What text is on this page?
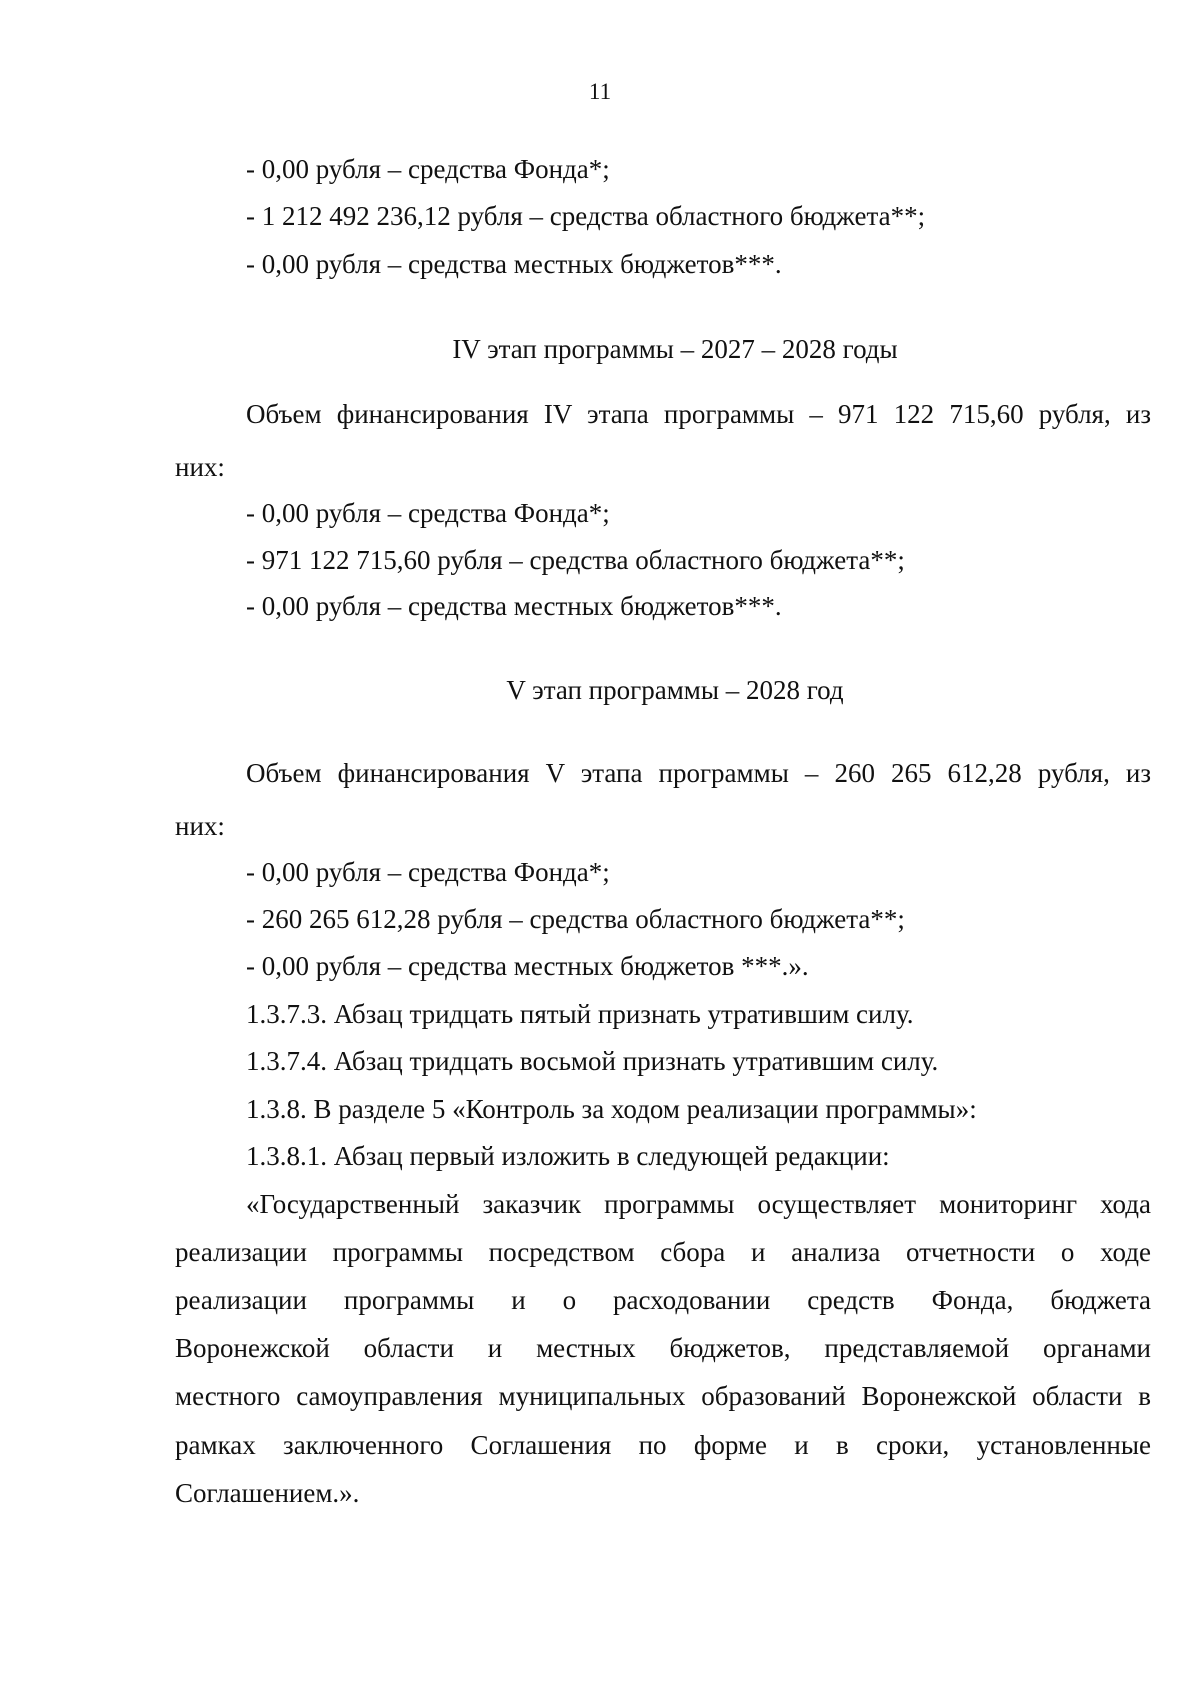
11
- 0,00 рубля – средства Фонда*;
- 1 212 492 236,12 рубля – средства областного бюджета**;
- 0,00 рубля – средства местных бюджетов***.
IV этап программы – 2027 – 2028 годы
Объем финансирования IV этапа программы – 971 122 715,60 рубля, из
них:
- 0,00 рубля – средства Фонда*;
- 971 122 715,60 рубля – средства областного бюджета**;
- 0,00 рубля – средства местных бюджетов***.
V этап программы – 2028 год
Объем финансирования V этапа программы – 260 265 612,28 рубля, из
них:
- 0,00 рубля – средства Фонда*;
- 260 265 612,28 рубля – средства областного бюджета**;
- 0,00 рубля – средства местных бюджетов ***.».
1.3.7.3. Абзац тридцать пятый признать утратившим силу.
1.3.7.4. Абзац тридцать восьмой признать утратившим силу.
1.3.8. В разделе 5 «Контроль за ходом реализации программы»:
1.3.8.1. Абзац первый изложить в следующей редакции:
«Государственный заказчик программы осуществляет мониторинг хода
реализации программы посредством сбора и анализа отчетности о ходе
реализации программы и о расходовании средств Фонда, бюджета
Воронежской области и местных бюджетов, представляемой органами
местного самоуправления муниципальных образований Воронежской области в
рамках заключенного Соглашения по форме и в сроки, установленные
Соглашением.».
